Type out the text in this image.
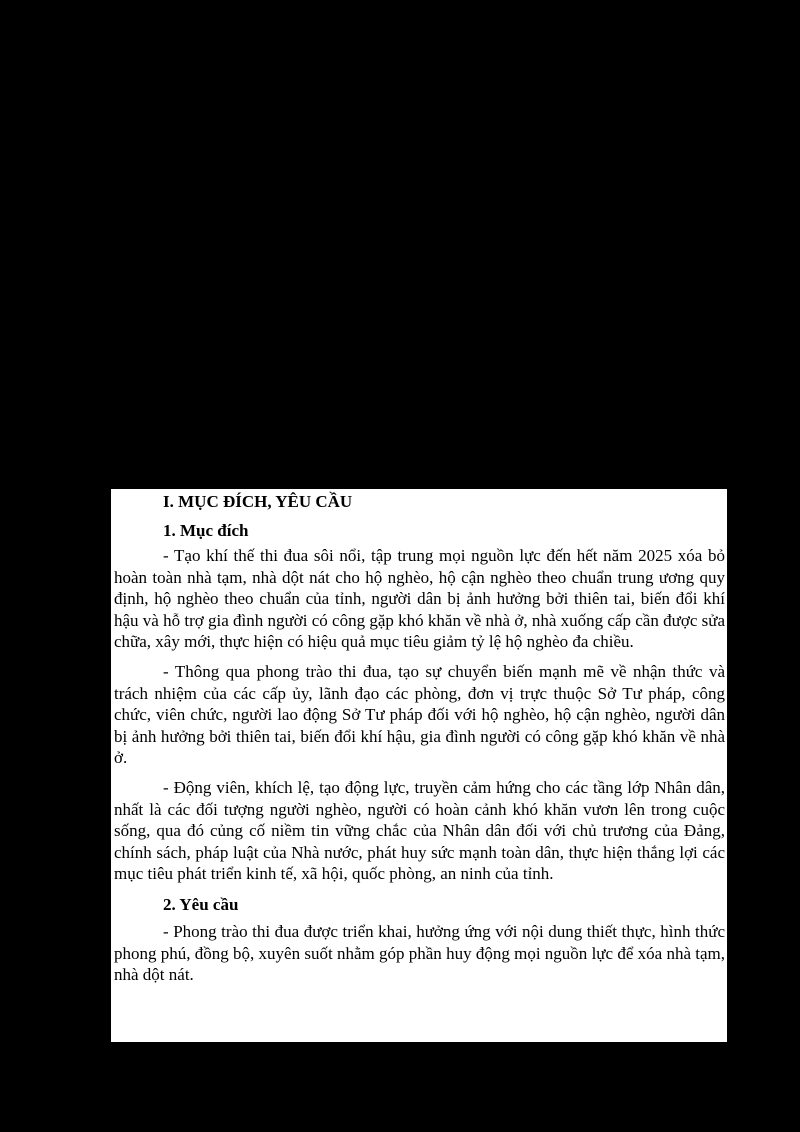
I. MỤC ĐÍCH, YÊU CẦU

1. Mục đích

- Tạo khí thế thi đua sôi nổi, tập trung mọi nguồn lực đến hết năm 2025 xóa bỏ hoàn toàn nhà tạm, nhà dột nát cho hộ nghèo, hộ cận nghèo theo chuẩn trung ương quy định, hộ nghèo theo chuẩn của tỉnh, người dân bị ảnh hưởng bởi thiên tai, biến đổi khí hậu và hỗ trợ gia đình người có công gặp khó khăn về nhà ở, nhà xuống cấp cần được sửa chữa, xây mới, thực hiện có hiệu quả mục tiêu giảm tỷ lệ hộ nghèo đa chiều.

- Thông qua phong trào thi đua, tạo sự chuyển biến mạnh mẽ về nhận thức và trách nhiệm của các cấp ủy, lãnh đạo các phòng, đơn vị trực thuộc Sở Tư pháp, công chức, viên chức, người lao động Sở Tư pháp đối với hộ nghèo, hộ cận nghèo, người dân bị ảnh hưởng bởi thiên tai, biến đổi khí hậu, gia đình người có công gặp khó khăn về nhà ở.

- Động viên, khích lệ, tạo động lực, truyền cảm hứng cho các tầng lớp Nhân dân, nhất là các đối tượng người nghèo, người có hoàn cảnh khó khăn vươn lên trong cuộc sống, qua đó củng cố niềm tin vững chắc của Nhân dân đối với chủ trương của Đảng, chính sách, pháp luật của Nhà nước, phát huy sức mạnh toàn dân, thực hiện thắng lợi các mục tiêu phát triển kinh tế, xã hội, quốc phòng, an ninh của tỉnh.

2. Yêu cầu

- Phong trào thi đua được triển khai, hưởng ứng với nội dung thiết thực, hình thức phong phú, đồng bộ, xuyên suốt nhằm góp phần huy động mọi nguồn lực để xóa nhà tạm, nhà dột nát.
